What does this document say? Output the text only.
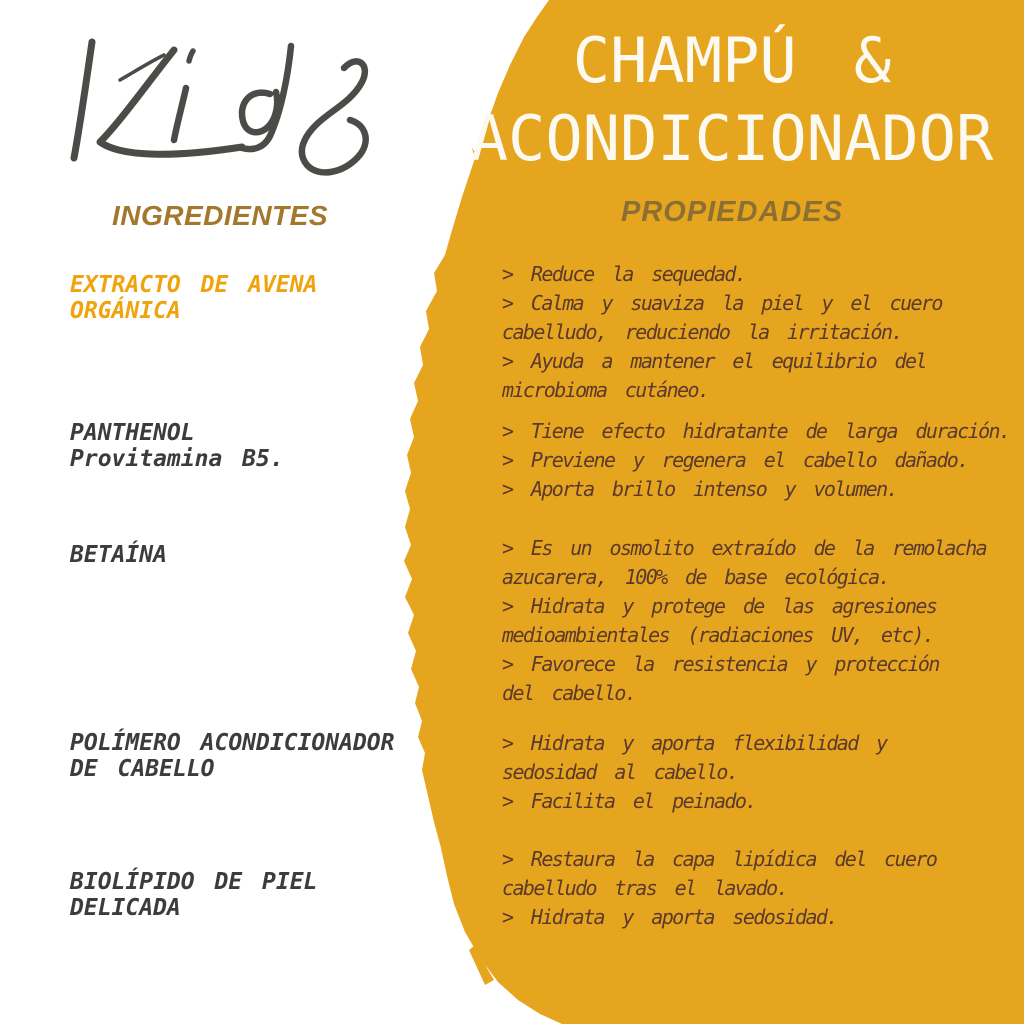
CHAMPÚ &
ACONDICIONADOR
INGREDIENTES	PROPIEDADES
EXTRACTO DE AVENA
ORGÁNICA
PANTHENOL
Provitamina B5.
BETAÍNA
POLÍMERO ACONDICIONADOR
DE CABELLO
BIOLÍPIDO DE PIEL
DELICADA
> Reduce la sequedad.
> Calma y suaviza la piel y el cuero
cabelludo, reduciendo la irritación.
> Ayuda a mantener el equilibrio del
microbioma cutáneo.
> Tiene efecto hidratante de larga duración.
> Previene y regenera el cabello dañado.
> Aporta brillo intenso y volumen.
> Es un osmolito extraído de la remolacha
azucarera, 100% de base ecológica.
> Hidrata y protege de las agresiones
medioambientales (radiaciones UV, etc).
> Favorece la resistencia y protección
del cabello.
> Hidrata y aporta flexibilidad y
sedosidad al cabello.
> Facilita el peinado.
> Restaura la capa lipídica del cuero
cabelludo tras el lavado.
> Hidrata y aporta sedosidad.
